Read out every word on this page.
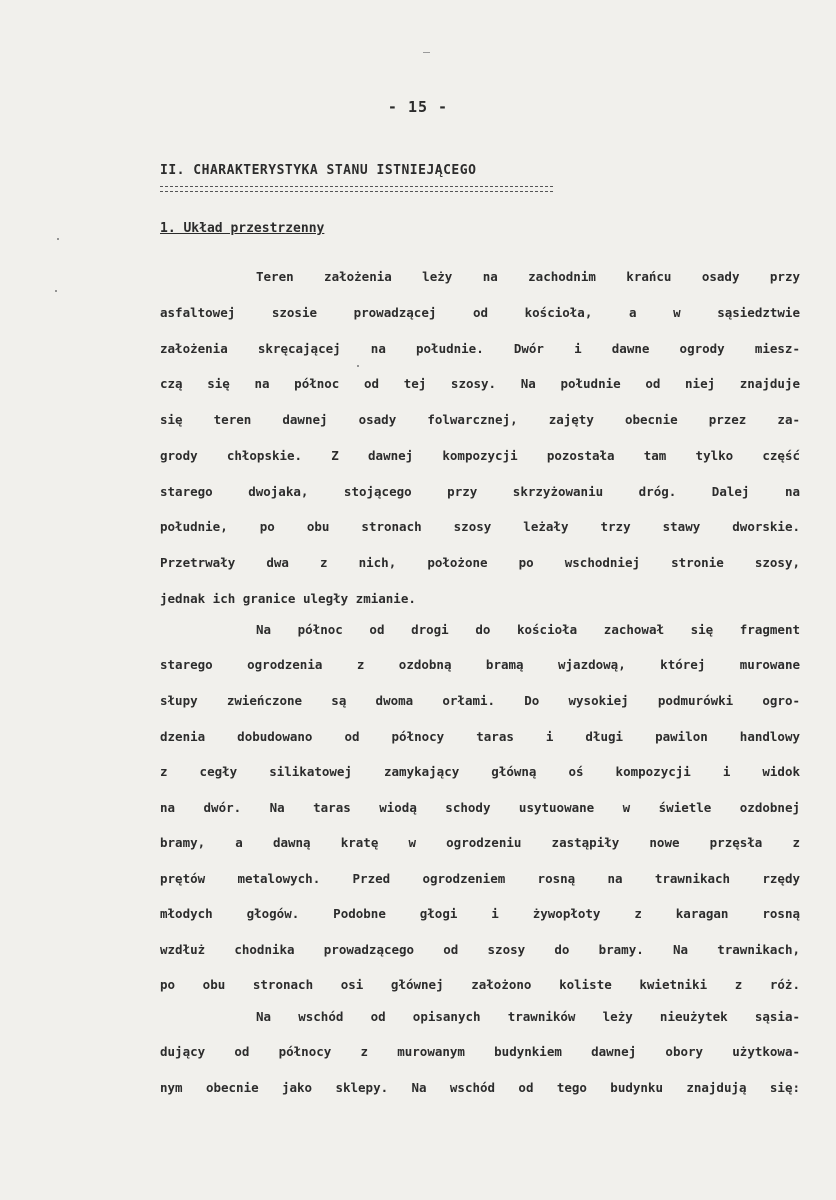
- 15 -
II. CHARAKTERYSTYKA STANU ISTNIEJĄCEGO
1. Układ przestrzenny
Teren założenia leży na zachodnim krańcu osady przy
asfaltowej szosie prowadzącej od kościoła, a w sąsiedztwie
założenia skręcającej na południe. Dwór i dawne ogrody miesz-
czą się na północ od tej szosy. Na południe od niej znajduje
się teren dawnej osady folwarcznej, zajęty obecnie przez za-
grody chłopskie. Z dawnej kompozycji pozostała tam tylko część
starego dwojaka, stojącego przy skrzyżowaniu dróg. Dalej na
południe, po obu stronach szosy leżały trzy stawy dworskie.
Przetrwały dwa z nich, położone po wschodniej stronie szosy,
jednak ich granice uległy zmianie.
Na północ od drogi do kościoła zachował się fragment
starego ogrodzenia z ozdobną bramą wjazdową, której murowane
słupy zwieńczone są dwoma orłami. Do wysokiej podmurówki ogro-
dzenia dobudowano od północy taras i długi pawilon handlowy
z cegły silikatowej zamykający główną oś kompozycji i widok
na dwór. Na taras wiodą schody usytuowane w świetle ozdobnej
bramy, a dawną kratę w ogrodzeniu zastąpiły nowe przęsła z
prętów metalowych. Przed ogrodzeniem rosną na trawnikach rzędy
młodych głogów. Podobne głogi i żywopłoty z karagan rosną
wzdłuż chodnika prowadzącego od szosy do bramy. Na trawnikach,
po obu stronach osi głównej założono koliste kwietniki z róż.
Na wschód od opisanych trawników leży nieużytek sąsia-
dujący od północy z murowanym budynkiem dawnej obory użytkowa-
nym obecnie jako sklepy. Na wschód od tego budynku znajdują się:
